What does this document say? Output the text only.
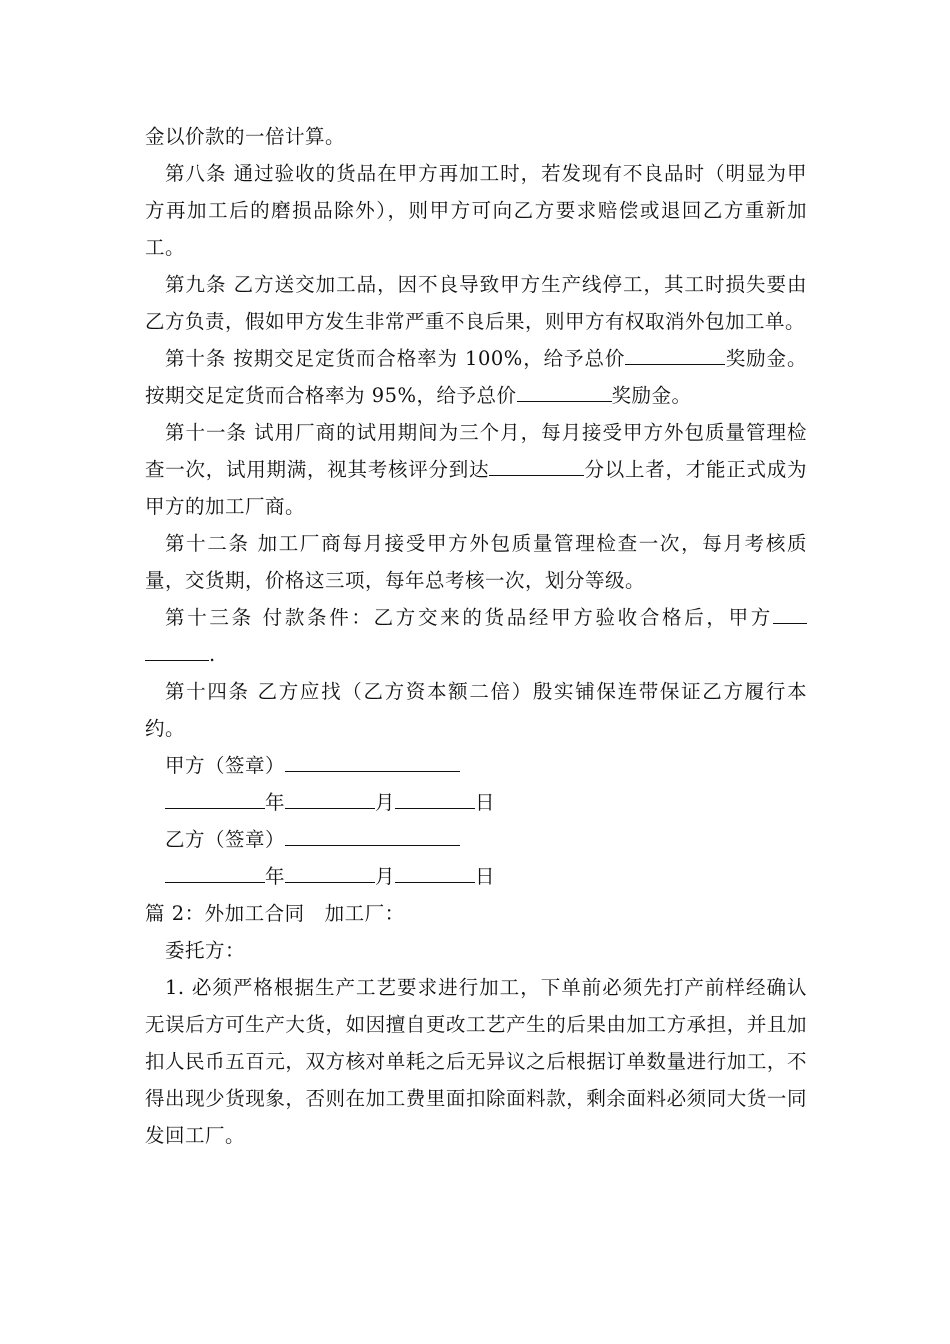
金以价款的一倍计算。

第八条 通过验收的货品在甲方再加工时，若发现有不良品时（明显为甲方再加工后的磨损品除外），则甲方可向乙方要求赔偿或退回乙方重新加工。

第九条 乙方送交加工品，因不良导致甲方生产线停工，其工时损失要由乙方负责，假如甲方发生非常严重不良后果，则甲方有权取消外包加工单。

第十条 按期交足定货而合格率为 100%，给予总价	奖励金。按期交足定货而合格率为 95%，给予总价	奖励金。

第十一条 试用厂商的试用期间为三个月，每月接受甲方外包质量管理检查一次，试用期满，视其考核评分到达	分以上者，才能正式成为甲方的加工厂商。

第十二条 加工厂商每月接受甲方外包质量管理检查一次，每月考核质量，交货期，价格这三项，每年总考核一次，划分等级。

第十三条 付款条件：乙方交来的货品经甲方验收合格后，甲方.

第十四条 乙方应找（乙方资本额二倍）殷实铺保连带保证乙方履行本约。

甲方（签章）

年	月	日

乙方（签章）

年	月	日

篇 2：外加工合同　加工厂：

委托方：

1. 必须严格根据生产工艺要求进行加工，下单前必须先打产前样经确认无误后方可生产大货，如因擅自更改工艺产生的后果由加工方承担，并且加扣人民币五百元，双方核对单耗之后无异议之后根据订单数量进行加工，不得出现少货现象，否则在加工费里面扣除面料款，剩余面料必须同大货一同发回工厂。
